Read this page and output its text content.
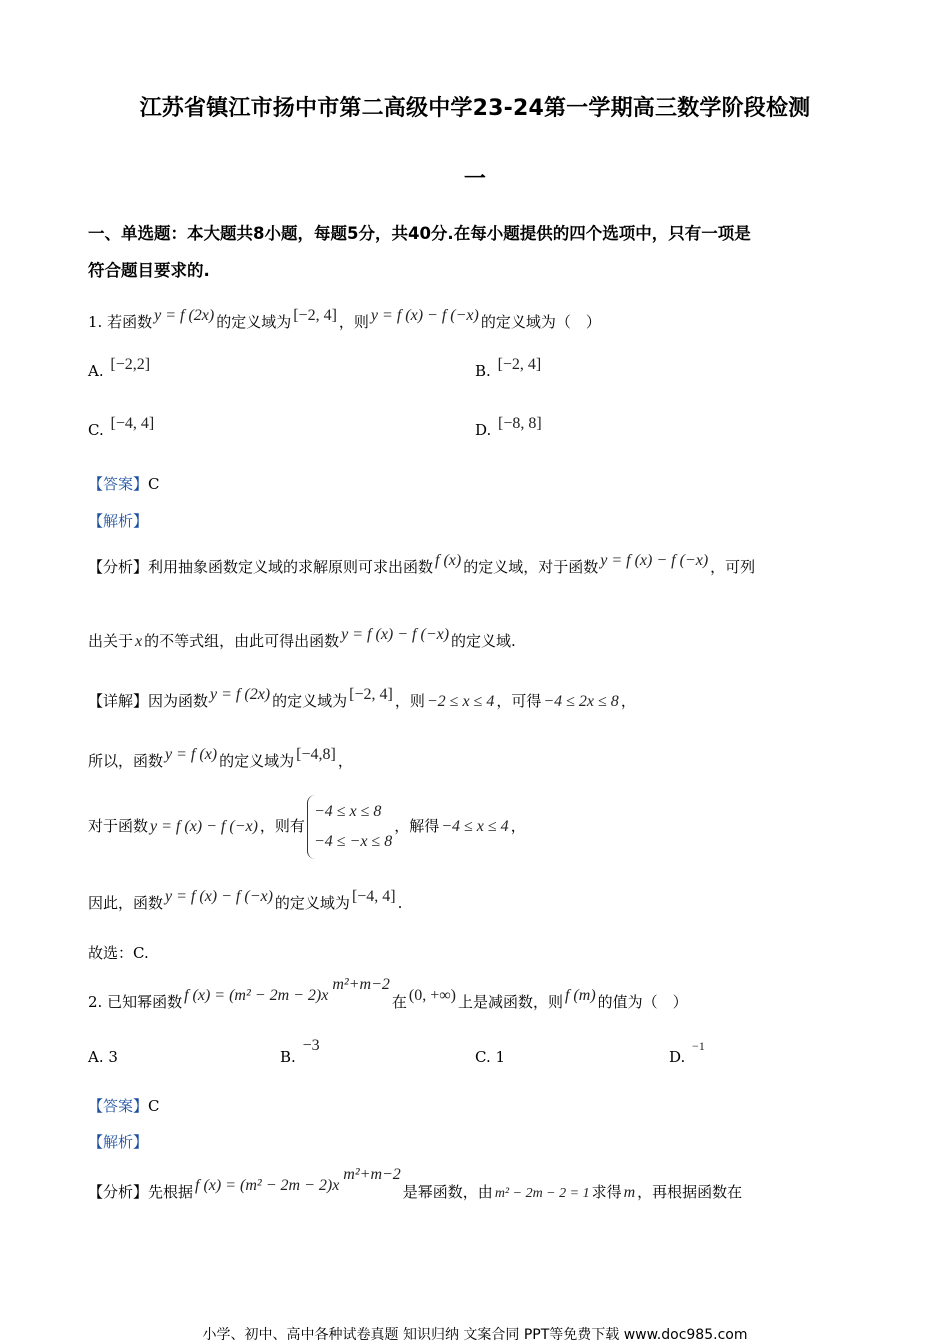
江苏省镇江市扬中市第二高级中学23-24第一学期高三数学阶段检测
一
一、单选题：本大题共8小题，每题5分，共40分.在每小题提供的四个选项中，只有一项是
符合题目要求的.
1. 若函数 y = f (2x) 的定义域为 [−2, 4] ，则 y = f (x) − f (−x) 的定义域为（　）
A. [−2,2]	B. [−2, 4]
C. [−4, 4]	D. [−8, 8]
【答案】C
【解析】
【分析】利用抽象函数定义域的求解原则可求出函数 f (x) 的定义域，对于函数 y = f (x) − f (−x) ，可列
出关于 x 的不等式组，由此可得出函数 y = f (x) − f (−x) 的定义域.
【详解】因为函数 y = f (2x) 的定义域为 [−2, 4] ，则 −2 ≤ x ≤ 4 ，可得 −4 ≤ 2x ≤ 8 ，
所以，函数 y = f (x) 的定义域为 [−4,8] ，
对于函数 y = f (x) − f (−x) ，则有
−4 ≤ x ≤ 8
−4 ≤ −x ≤ 8
，解得 −4 ≤ x ≤ 4 ，
因此，函数 y = f (x) − f (−x) 的定义域为 [−4, 4] .
故选：C.
2. 已知幂函数 f $(x) = (m^2 - 2m - 2)x^{m^2+m-2}$在 (0, +∞) 上是减函数，则 f (m) 的值为（　）
A. 3	B. −3
C. 1	D. $^{-1}$
【答案】C
【解析】
【分析】先根据 f $(x) = (m^2 - 2m - 2)x^{m^2+m-2}$是幂函数，由 m² − 2m − 2 = 1 求得 m ，再根据函数在
小学、初中、高中各种试卷真题 知识归纳 文案合同 PPT等免费下载 www.doc985.com
